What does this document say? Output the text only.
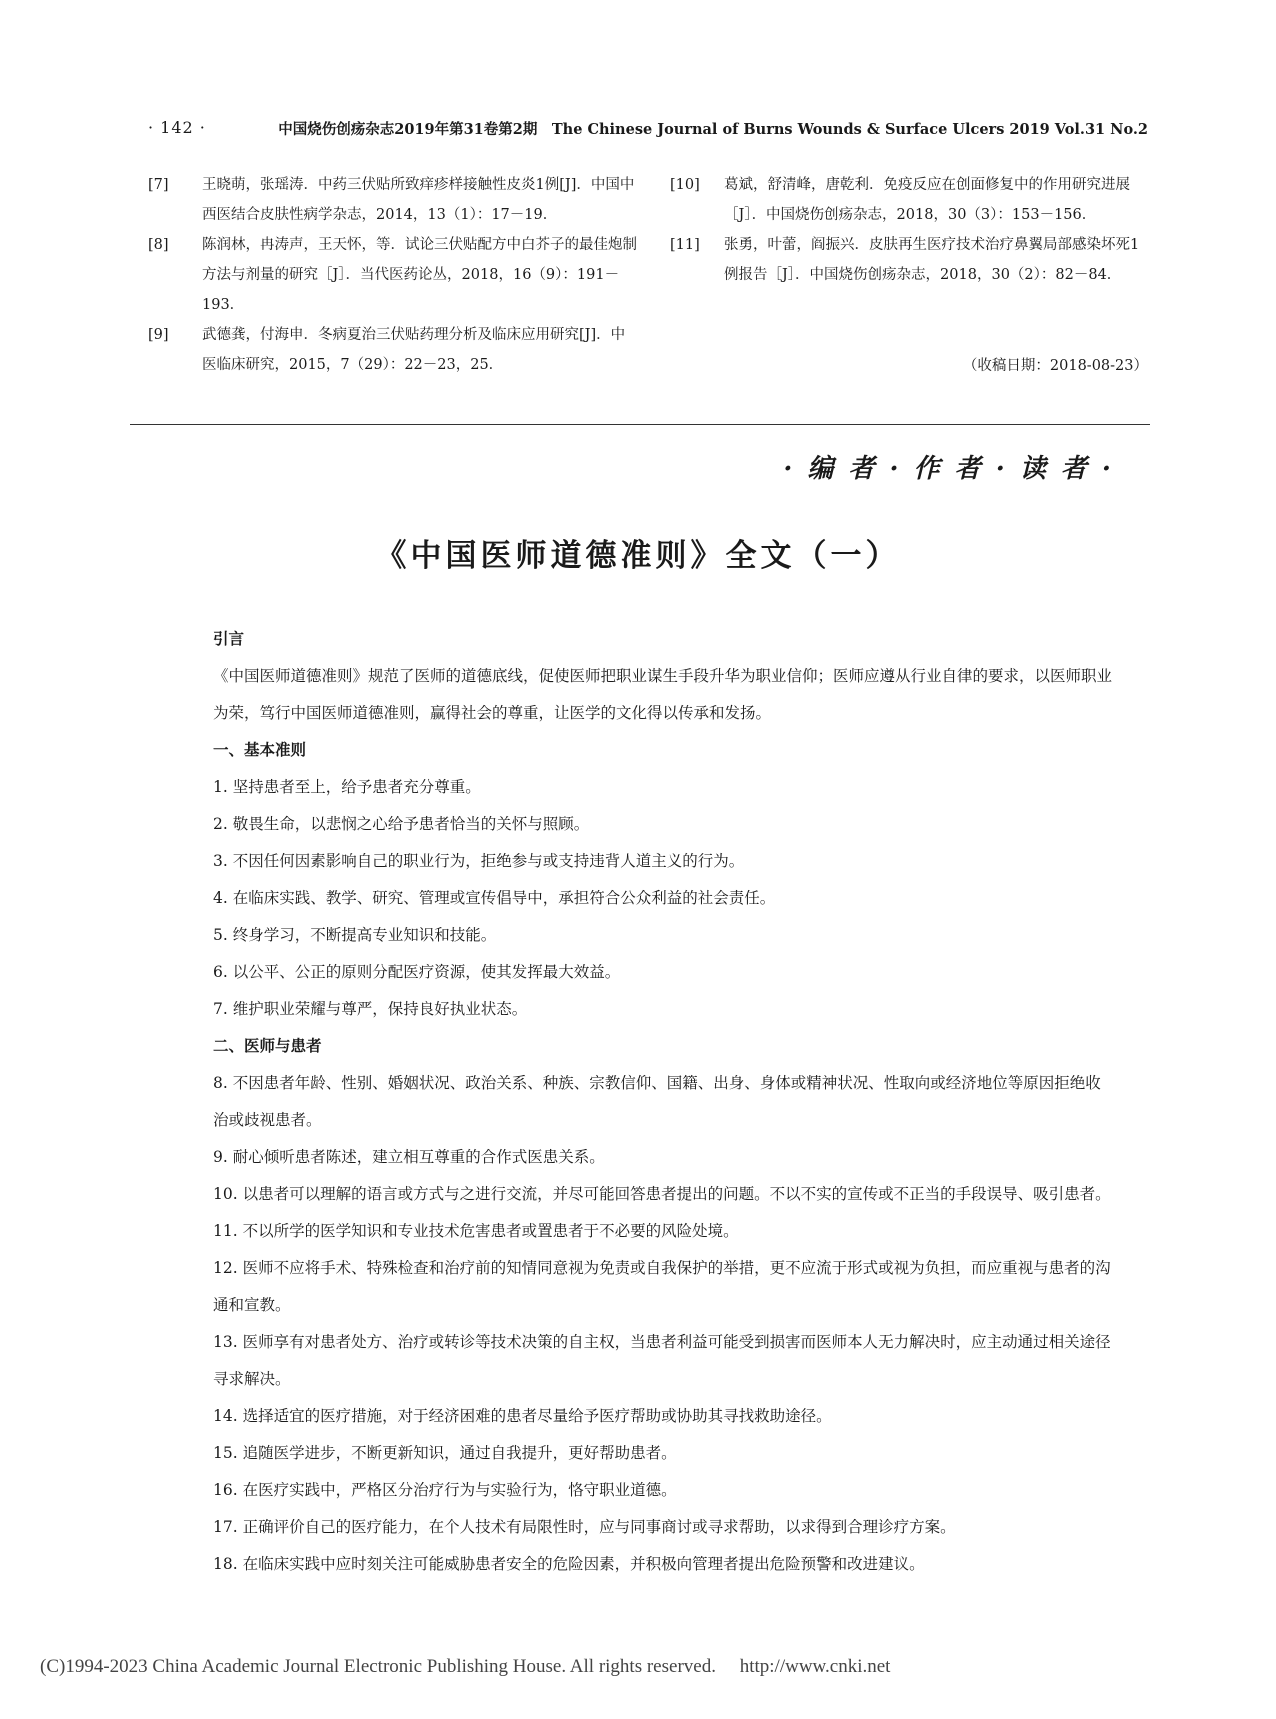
· 142 ·	中国烧伤创疡杂志2019年第31卷第2期　The Chinese Journal of Burns Wounds & Surface Ulcers 2019 Vol.31 No.2
[7]	王晓萌，张瑶涛．中药三伏贴所致痒疹样接触性皮炎1例[J]．中国中西医结合皮肤性病学杂志，2014，13（1）：17－19．
[8]	陈润林，冉涛声，王天怀，等．试论三伏贴配方中白芥子的最佳炮制方法与剂量的研究［J］．当代医药论丛，2018，16（9）：191－193．
[9]	武德龚，付海申．冬病夏治三伏贴药理分析及临床应用研究[J]．中医临床研究，2015，7（29）：22－23，25．
[10]	葛斌，舒清峰，唐乾利．免疫反应在创面修复中的作用研究进展［J］．中国烧伤创疡杂志，2018，30（3）：153－156．
[11]	张勇，叶蕾，阎振兴．皮肤再生医疗技术治疗鼻翼局部感染坏死1例报告［J］．中国烧伤创疡杂志，2018，30（2）：82－84．
（收稿日期：2018-08-23）
· 编 者 · 作 者 · 读 者 ·
《中国医师道德准则》全文（一）

引言

《中国医师道德准则》规范了医师的道德底线，促使医师把职业谋生手段升华为职业信仰；医师应遵从行业自律的要求，以医师职业为荣，笃行中国医师道德准则，赢得社会的尊重，让医学的文化得以传承和发扬。

一、基本准则

1. 坚持患者至上，给予患者充分尊重。

2. 敬畏生命，以悲悯之心给予患者恰当的关怀与照顾。

3. 不因任何因素影响自己的职业行为，拒绝参与或支持违背人道主义的行为。

4. 在临床实践、教学、研究、管理或宣传倡导中，承担符合公众利益的社会责任。

5. 终身学习，不断提高专业知识和技能。

6. 以公平、公正的原则分配医疗资源，使其发挥最大效益。

7. 维护职业荣耀与尊严，保持良好执业状态。

二、医师与患者

8. 不因患者年龄、性别、婚姻状况、政治关系、种族、宗教信仰、国籍、出身、身体或精神状况、性取向或经济地位等原因拒绝收治或歧视患者。

9. 耐心倾听患者陈述，建立相互尊重的合作式医患关系。

10. 以患者可以理解的语言或方式与之进行交流，并尽可能回答患者提出的问题。不以不实的宣传或不正当的手段误导、吸引患者。

11. 不以所学的医学知识和专业技术危害患者或置患者于不必要的风险处境。

12. 医师不应将手术、特殊检查和治疗前的知情同意视为免责或自我保护的举措，更不应流于形式或视为负担，而应重视与患者的沟通和宣教。

13. 医师享有对患者处方、治疗或转诊等技术决策的自主权，当患者利益可能受到损害而医师本人无力解决时，应主动通过相关途径寻求解决。

14. 选择适宜的医疗措施，对于经济困难的患者尽量给予医疗帮助或协助其寻找救助途径。

15. 追随医学进步，不断更新知识，通过自我提升，更好帮助患者。

16. 在医疗实践中，严格区分治疗行为与实验行为，恪守职业道德。

17. 正确评价自己的医疗能力，在个人技术有局限性时，应与同事商讨或寻求帮助，以求得到合理诊疗方案。

18. 在临床实践中应时刻关注可能威胁患者安全的危险因素，并积极向管理者提出危险预警和改进建议。

(C)1994-2023 China Academic Journal Electronic Publishing House. All rights reserved.　 http://www.cnki.net
